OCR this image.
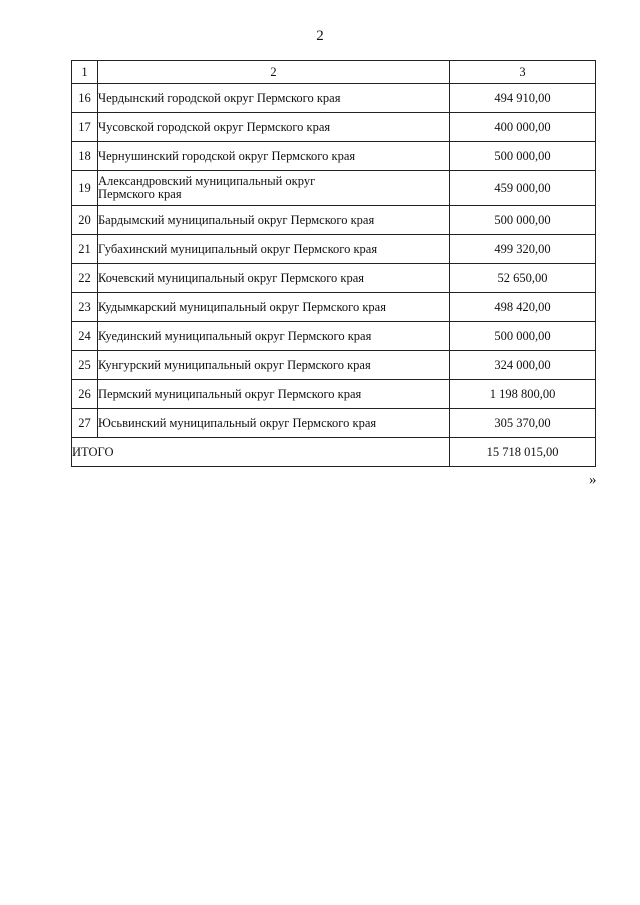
2
1	2	3
16	Чердынский городской округ Пермского края	494 910,00
17	Чусовской городской округ Пермского края	400 000,00
18	Чернушинский городской округ Пермского края	500 000,00
19	Александровский муниципальный округ
Пермского края	459 000,00
20	Бардымский муниципальный округ Пермского края	500 000,00
21	Губахинский муниципальный округ Пермского края	499 320,00
22	Кочевский муниципальный округ Пермского края	52 650,00
23	Кудымкарский муниципальный округ Пермского края	498 420,00
24	Куединский муниципальный округ Пермского края	500 000,00
25	Кунгурский муниципальный округ Пермского края	324 000,00
26	Пермский муниципальный округ Пермского края	1 198 800,00
27	Юсьвинский муниципальный округ Пермского края	305 370,00
ИТОГО		15 718 015,00
»
